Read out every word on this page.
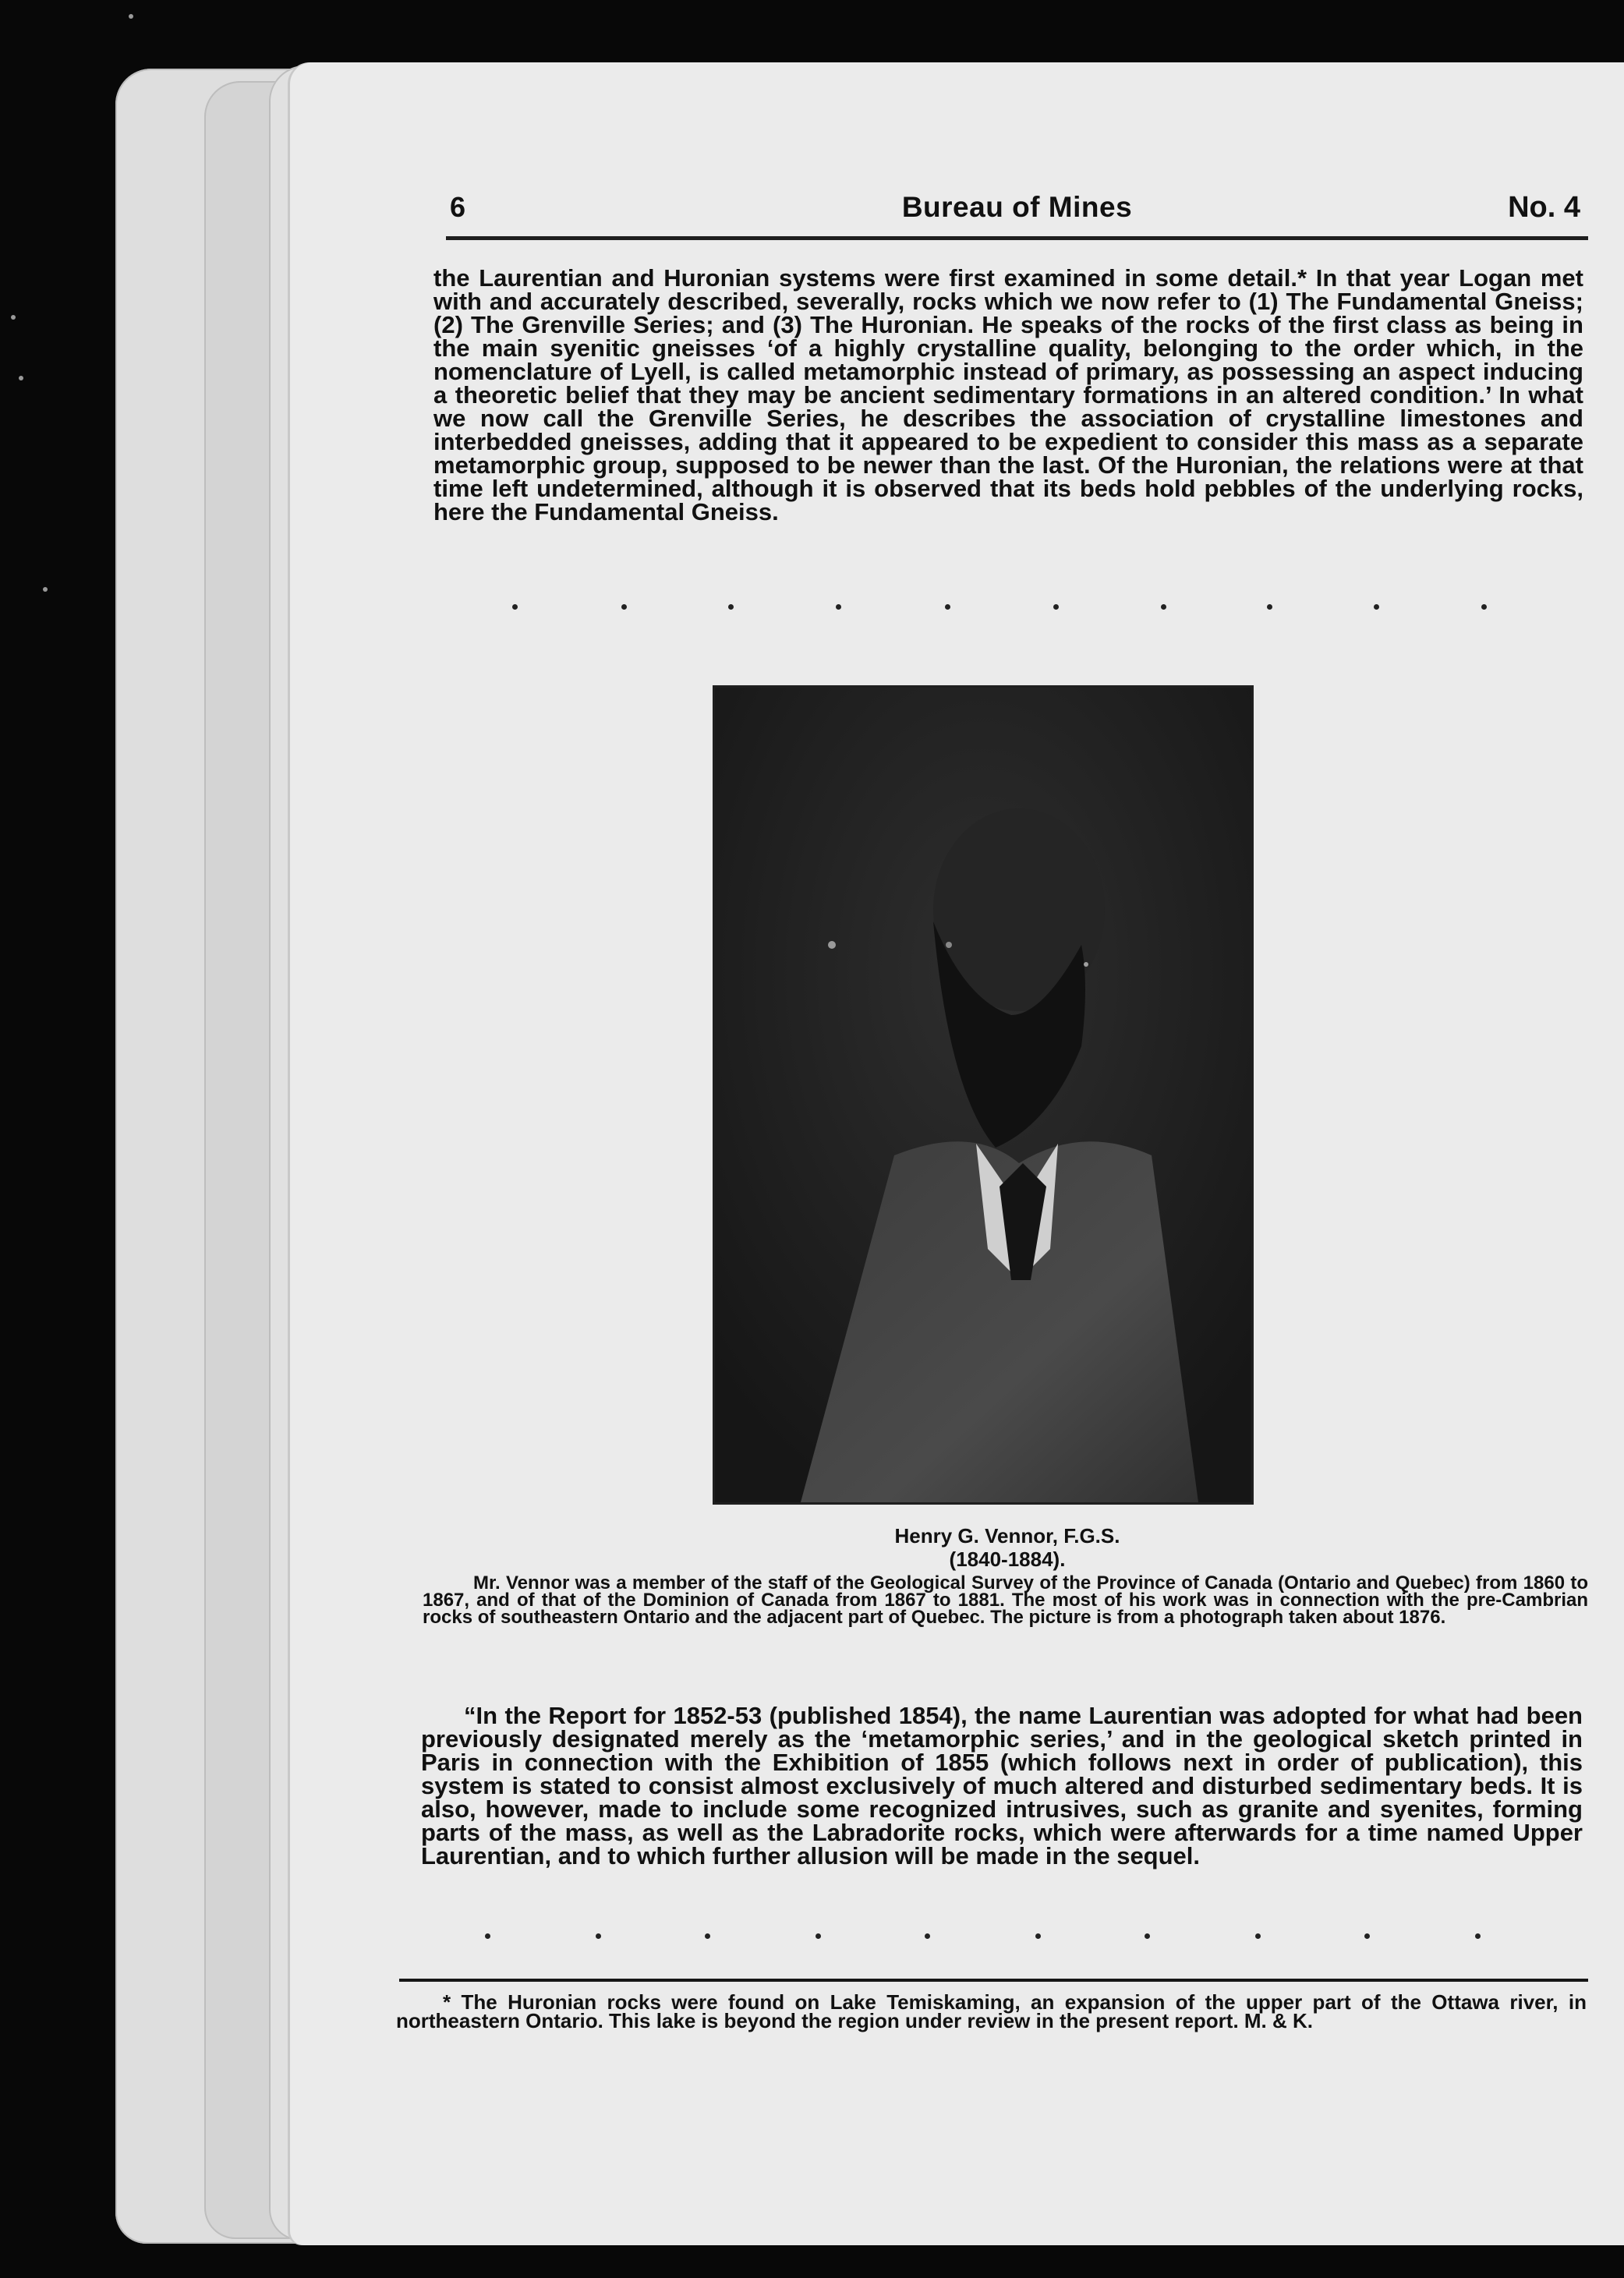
6	Bureau of Mines	No. 4

the Laurentian and Huronian systems were first examined in some detail.* In that year Logan met with and accurately described, severally, rocks which we now refer to (1) The Fundamental Gneiss; (2) The Grenville Series; and (3) The Huronian. He speaks of the rocks of the first class as being in the main syenitic gneisses ‘of a highly crystalline quality, belonging to the order which, in the nomenclature of Lyell, is called metamorphic instead of primary, as possessing an aspect inducing a theoretic belief that they may be ancient sedimentary formations in an altered condition.’ In what we now call the Grenville Series, he describes the association of crystalline limestones and interbedded gneisses, adding that it appeared to be expedient to consider this mass as a separate metamorphic group, supposed to be newer than the last. Of the Huronian, the relations were at that time left undetermined, although it is observed that its beds hold pebbles of the underlying rocks, here the Fundamental Gneiss.

Henry G. Vennor, F.G.S.

(1840-1884).

Mr. Vennor was a member of the staff of the Geological Survey of the Province of Canada (Ontario and Quebec) from 1860 to 1867, and of that of the Dominion of Canada from 1867 to 1881. The most of his work was in connection with the pre-Cambrian rocks of southeastern Ontario and the adjacent part of Quebec. The picture is from a photograph taken about 1876.

“In the Report for 1852-53 (published 1854), the name Laurentian was adopted for what had been previously designated merely as the ‘metamorphic series,’ and in the geological sketch printed in Paris in connection with the Exhibition of 1855 (which follows next in order of publication), this system is stated to consist almost exclusively of much altered and disturbed sedimentary beds. It is also, however, made to include some recognized intrusives, such as granite and syenites, forming parts of the mass, as well as the Labradorite rocks, which were afterwards for a time named Upper Laurentian, and to which further allusion will be made in the sequel.

* The Huronian rocks were found on Lake Temiskaming, an expansion of the upper part of the Ottawa river, in northeastern Ontario. This lake is beyond the region under review in the present report. M. & K.
